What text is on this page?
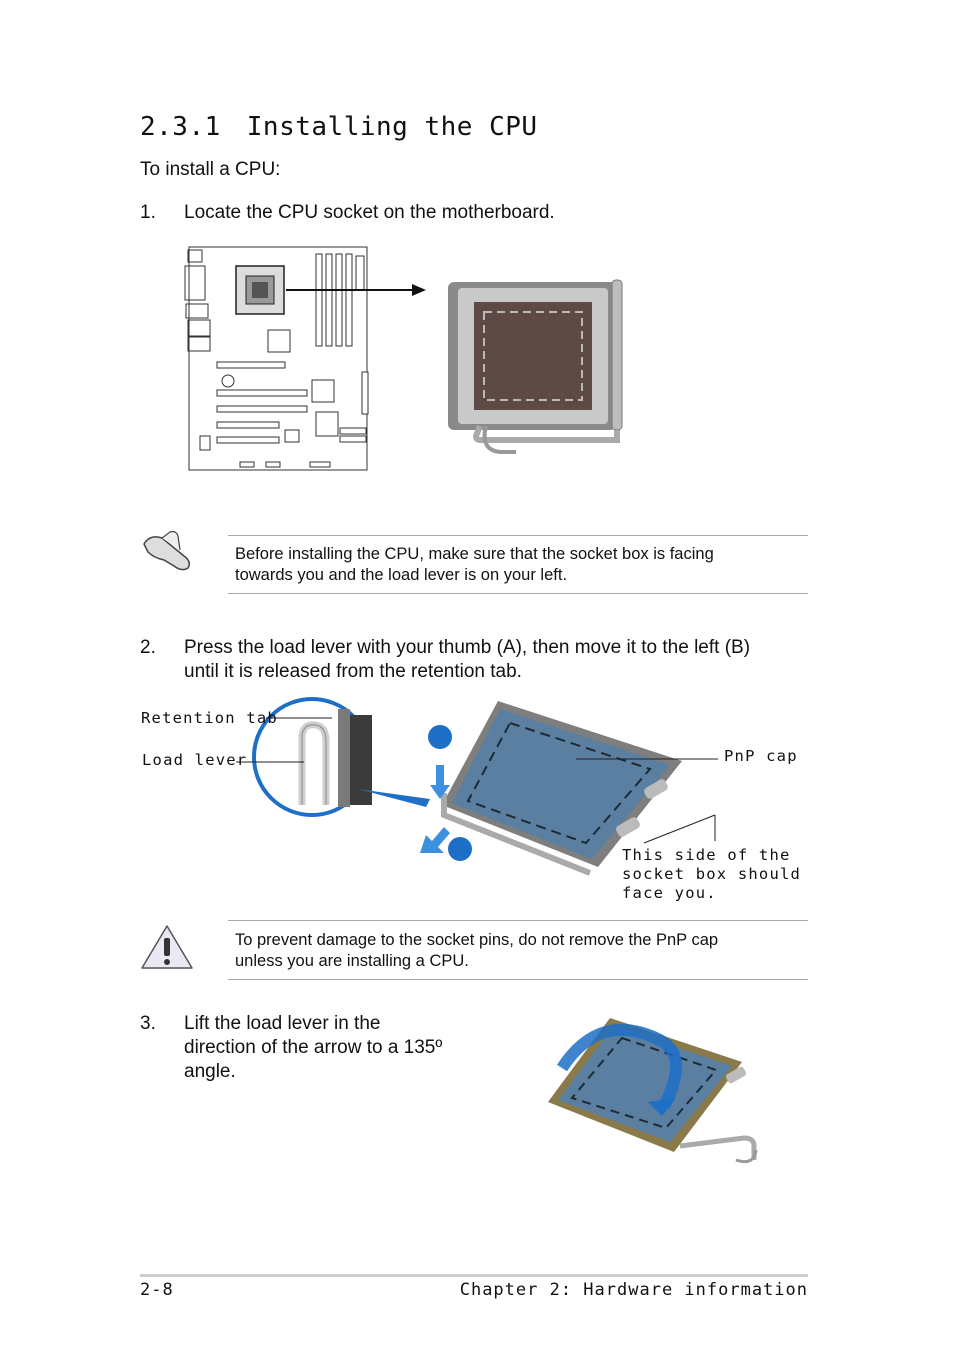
2.3.1 Installing the CPU
To install a CPU:
1. Locate the CPU socket on the motherboard.
Before installing the CPU, make sure that the socket box is facing
towards you and the load lever is on your left.
2. Press the load lever with your thumb (A), then move it to the left (B)
until it is released from the retention tab.
Retention tab
Load lever	PnP cap
This side of the
socket box should
face you.
To prevent damage to the socket pins, do not remove the PnP cap
unless you are installing a CPU.
3. Lift the load lever in the
direction of the arrow to a 135º
angle.
2-8	Chapter 2: Hardware information
